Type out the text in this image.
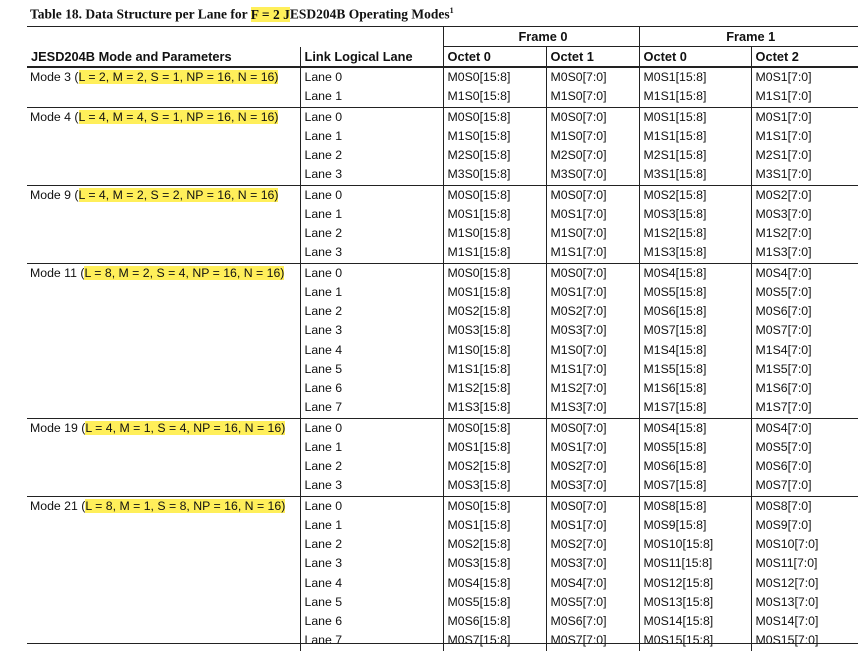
Table 18. Data Structure per Lane for F = 2 JESD204B Operating Modes$^1$
		Frame 0		Frame 1	
JESD204B Mode and Parameters	Link Logical Lane	Octet 0	Octet 1	Octet 0	Octet 2
Mode 3 (L = 2, M = 2, S = 1, NP = 16, N = 16)	Lane 0	M0S0[15:8]	M0S0[7:0]	M0S1[15:8]	M0S1[7:0]
	Lane 1	M1S0[15:8]	M1S0[7:0]	M1S1[15:8]	M1S1[7:0]
Mode 4 (L = 4, M = 4, S = 1, NP = 16, N = 16)	Lane 0	M0S0[15:8]	M0S0[7:0]	M0S1[15:8]	M0S1[7:0]
	Lane 1	M1S0[15:8]	M1S0[7:0]	M1S1[15:8]	M1S1[7:0]
	Lane 2	M2S0[15:8]	M2S0[7:0]	M2S1[15:8]	M2S1[7:0]
	Lane 3	M3S0[15:8]	M3S0[7:0]	M3S1[15:8]	M3S1[7:0]
Mode 9 (L = 4, M = 2, S = 2, NP = 16, N = 16)	Lane 0	M0S0[15:8]	M0S0[7:0]	M0S2[15:8]	M0S2[7:0]
	Lane 1	M0S1[15:8]	M0S1[7:0]	M0S3[15:8]	M0S3[7:0]
	Lane 2	M1S0[15:8]	M1S0[7:0]	M1S2[15:8]	M1S2[7:0]
	Lane 3	M1S1[15:8]	M1S1[7:0]	M1S3[15:8]	M1S3[7:0]
Mode 11 (L = 8, M = 2, S = 4, NP = 16, N = 16)	Lane 0	M0S0[15:8]	M0S0[7:0]	M0S4[15:8]	M0S4[7:0]
	Lane 1	M0S1[15:8]	M0S1[7:0]	M0S5[15:8]	M0S5[7:0]
	Lane 2	M0S2[15:8]	M0S2[7:0]	M0S6[15:8]	M0S6[7:0]
	Lane 3	M0S3[15:8]	M0S3[7:0]	M0S7[15:8]	M0S7[7:0]
	Lane 4	M1S0[15:8]	M1S0[7:0]	M1S4[15:8]	M1S4[7:0]
	Lane 5	M1S1[15:8]	M1S1[7:0]	M1S5[15:8]	M1S5[7:0]
	Lane 6	M1S2[15:8]	M1S2[7:0]	M1S6[15:8]	M1S6[7:0]
	Lane 7	M1S3[15:8]	M1S3[7:0]	M1S7[15:8]	M1S7[7:0]
Mode 19 (L = 4, M = 1, S = 4, NP = 16, N = 16)	Lane 0	M0S0[15:8]	M0S0[7:0]	M0S4[15:8]	M0S4[7:0]
	Lane 1	M0S1[15:8]	M0S1[7:0]	M0S5[15:8]	M0S5[7:0]
	Lane 2	M0S2[15:8]	M0S2[7:0]	M0S6[15:8]	M0S6[7:0]
	Lane 3	M0S3[15:8]	M0S3[7:0]	M0S7[15:8]	M0S7[7:0]
Mode 21 (L = 8, M = 1, S = 8, NP = 16, N = 16)	Lane 0	M0S0[15:8]	M0S0[7:0]	M0S8[15:8]	M0S8[7:0]
	Lane 1	M0S1[15:8]	M0S1[7:0]	M0S9[15:8]	M0S9[7:0]
	Lane 2	M0S2[15:8]	M0S2[7:0]	M0S10[15:8]	M0S10[7:0]
	Lane 3	M0S3[15:8]	M0S3[7:0]	M0S11[15:8]	M0S11[7:0]
	Lane 4	M0S4[15:8]	M0S4[7:0]	M0S12[15:8]	M0S12[7:0]
	Lane 5	M0S5[15:8]	M0S5[7:0]	M0S13[15:8]	M0S13[7:0]
	Lane 6	M0S6[15:8]	M0S6[7:0]	M0S14[15:8]	M0S14[7:0]
	Lane 7	M0S7[15:8]	M0S7[7:0]	M0S15[15:8]	M0S15[7:0]
